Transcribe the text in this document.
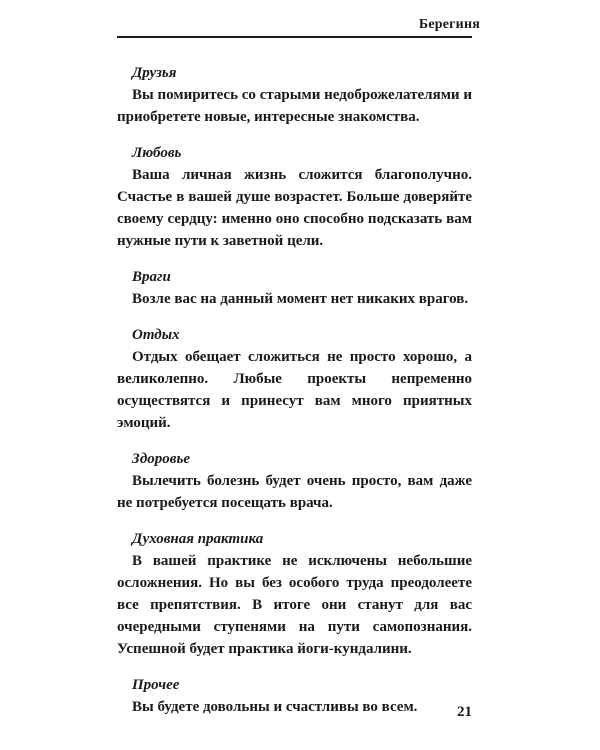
Берегиня

Друзья

Вы помиритесь со старыми недоброжелателями и приобретете новые, интересные знакомства.

Любовь

Ваша личная жизнь сложится благополучно. Счастье в вашей душе возрастет. Больше доверяйте своему сердцу: именно оно способно подсказать вам нужные пути к заветной цели.

Враги

Возле вас на данный момент нет никаких врагов.

Отдых

Отдых обещает сложиться не просто хорошо, а великолепно. Любые проекты непременно осуществятся и принесут вам много приятных эмоций.

Здоровье

Вылечить болезнь будет очень просто, вам даже не потребуется посещать врача.

Духовная практика

В вашей практике не исключены небольшие осложнения. Но вы без особого труда преодолеете все препятствия. В итоге они станут для вас очередными ступенями на пути самопознания. Успешной будет практика йоги-кундалини.

Прочее

Вы будете довольны и счастливы во всем.	21
